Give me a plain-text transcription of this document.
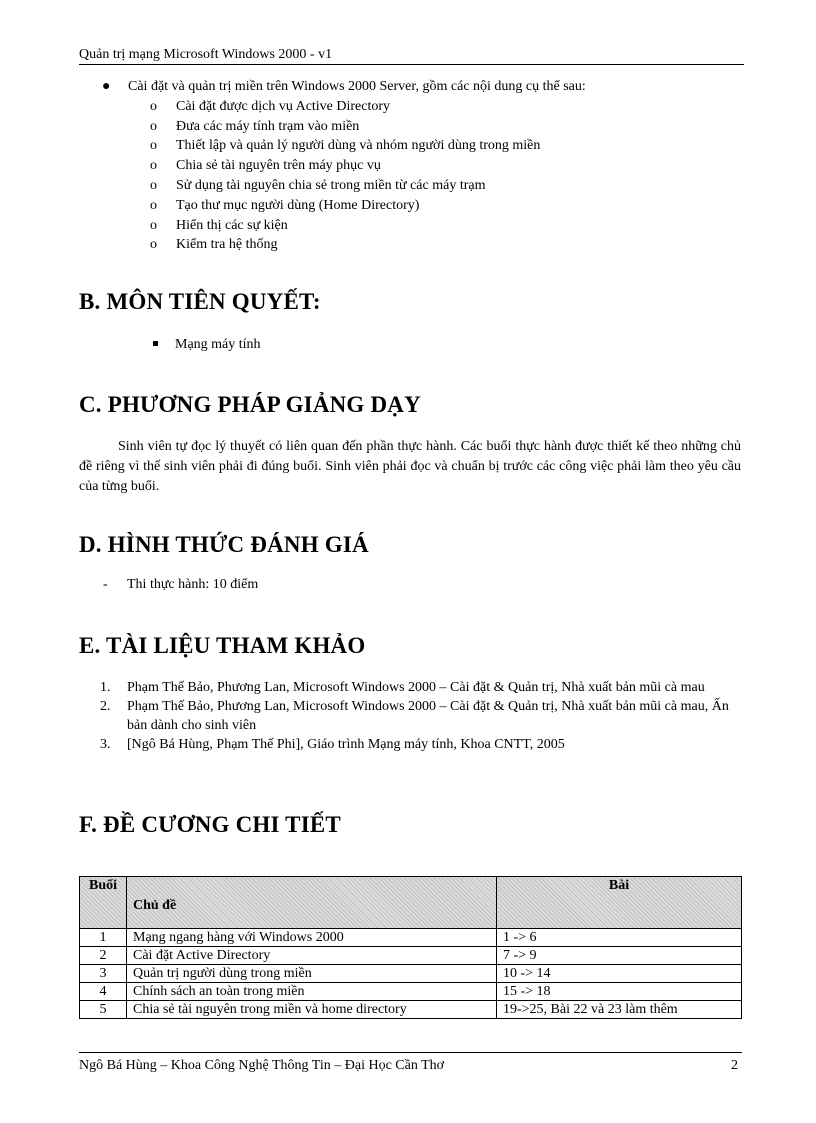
Quản trị mạng Microsoft Windows 2000 - v1
● Cài đặt và quản trị miền trên Windows 2000 Server, gồm các nội dung cụ thể sau:
o Cài đặt được dịch vụ Active Directory
o Đưa các máy tính trạm vào miền
o Thiết lập và quản lý người dùng và nhóm người dùng trong miền
o Chia sẻ tài nguyên trên máy phục vụ
o Sử dụng tài nguyên chia sẻ trong miền từ các máy trạm
o Tạo thư mục người dùng (Home Directory)
o Hiển thị các sự kiện
o Kiểm tra hệ thống
B. MÔN TIÊN QUYẾT:
Mạng máy tính
C. PHƯƠNG PHÁP GIẢNG DẠY
Sinh viên tự đọc lý thuyết có liên quan đến phần thực hành. Các buổi thực hành được thiết kế theo những chủ đề riêng vì thế sinh viên phải đi đúng buổi. Sinh viên phải đọc và chuẩn bị trước các công việc phải làm theo yêu cầu của từng buổi.
D. HÌNH THỨC ĐÁNH GIÁ
- Thi thực hành: 10 điểm
E. TÀI LIỆU THAM KHẢO
1. Phạm Thế Bảo, Phương Lan, Microsoft Windows 2000 – Cài đặt & Quản trị, Nhà xuất bản mũi cà mau
2. Phạm Thế Bảo, Phương Lan, Microsoft Windows 2000 – Cài đặt & Quản trị, Nhà xuất bản mũi cà mau, Ấn bản dành cho sinh viên
3. [Ngô Bá Hùng, Phạm Thế Phi], Giáo trình Mạng máy tính, Khoa CNTT, 2005
F. ĐỀ CƯƠNG CHI TIẾT
Buổi	Chủ đề	Bài
1	Mạng ngang hàng với Windows 2000	1 -> 6
2	Cài đặt Active Directory	7 -> 9
3	Quản trị người dùng trong miền	10 -> 14
4	Chính sách an toàn trong miền	15 -> 18
5	Chia sẻ tài nguyên trong miền và home directory	19->25, Bài 22 và 23 làm thêm
Ngô Bá Hùng – Khoa Công Nghệ Thông Tin – Đại Học Cần Thơ	2
